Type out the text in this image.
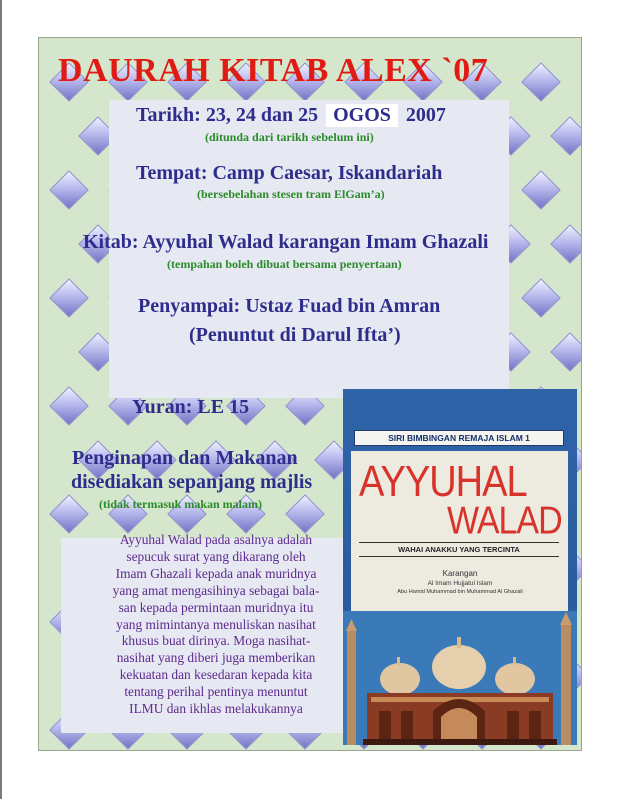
DAURAH KITAB ALEX `07
Tarikh: 23, 24 dan 25 OGOS 2007
(ditunda dari tarikh sebelum ini)
Tempat: Camp Caesar, Iskandariah
(bersebelahan stesen tram ElGam’a)
Kitab: Ayyuhal Walad karangan Imam Ghazali
(tempahan boleh dibuat bersama penyertaan)
Penyampai: Ustaz Fuad bin Amran
(Penuntut di Darul Ifta’)
Yuran: LE 15
Penginapan dan Makanan
disediakan sepanjang majlis
(tidak termasuk makan malam)

Ayyuhal Walad pada asalnya adalah
sepucuk surat yang dikarang oleh
Imam Ghazali kepada anak muridnya
yang amat mengasihinya sebagai bala-
san kepada permintaan muridnya itu
yang mimintanya menuliskan nasihat
khusus buat dirinya. Moga nasihat-
nasihat yang diberi juga memberikan
kekuatan dan kesedaran kepada kita
tentang perihal pentinya menuntut
ILMU dan ikhlas melakukannya

SIRI BIMBINGAN REMAJA ISLAM 1
AYYUHAL
WALAD
WAHAI ANAKKU YANG TERCINTA
Karangan
Al Imam Hujjatul Islam
Abu Hamid Muhammad bin Muhammad Al Ghazali
